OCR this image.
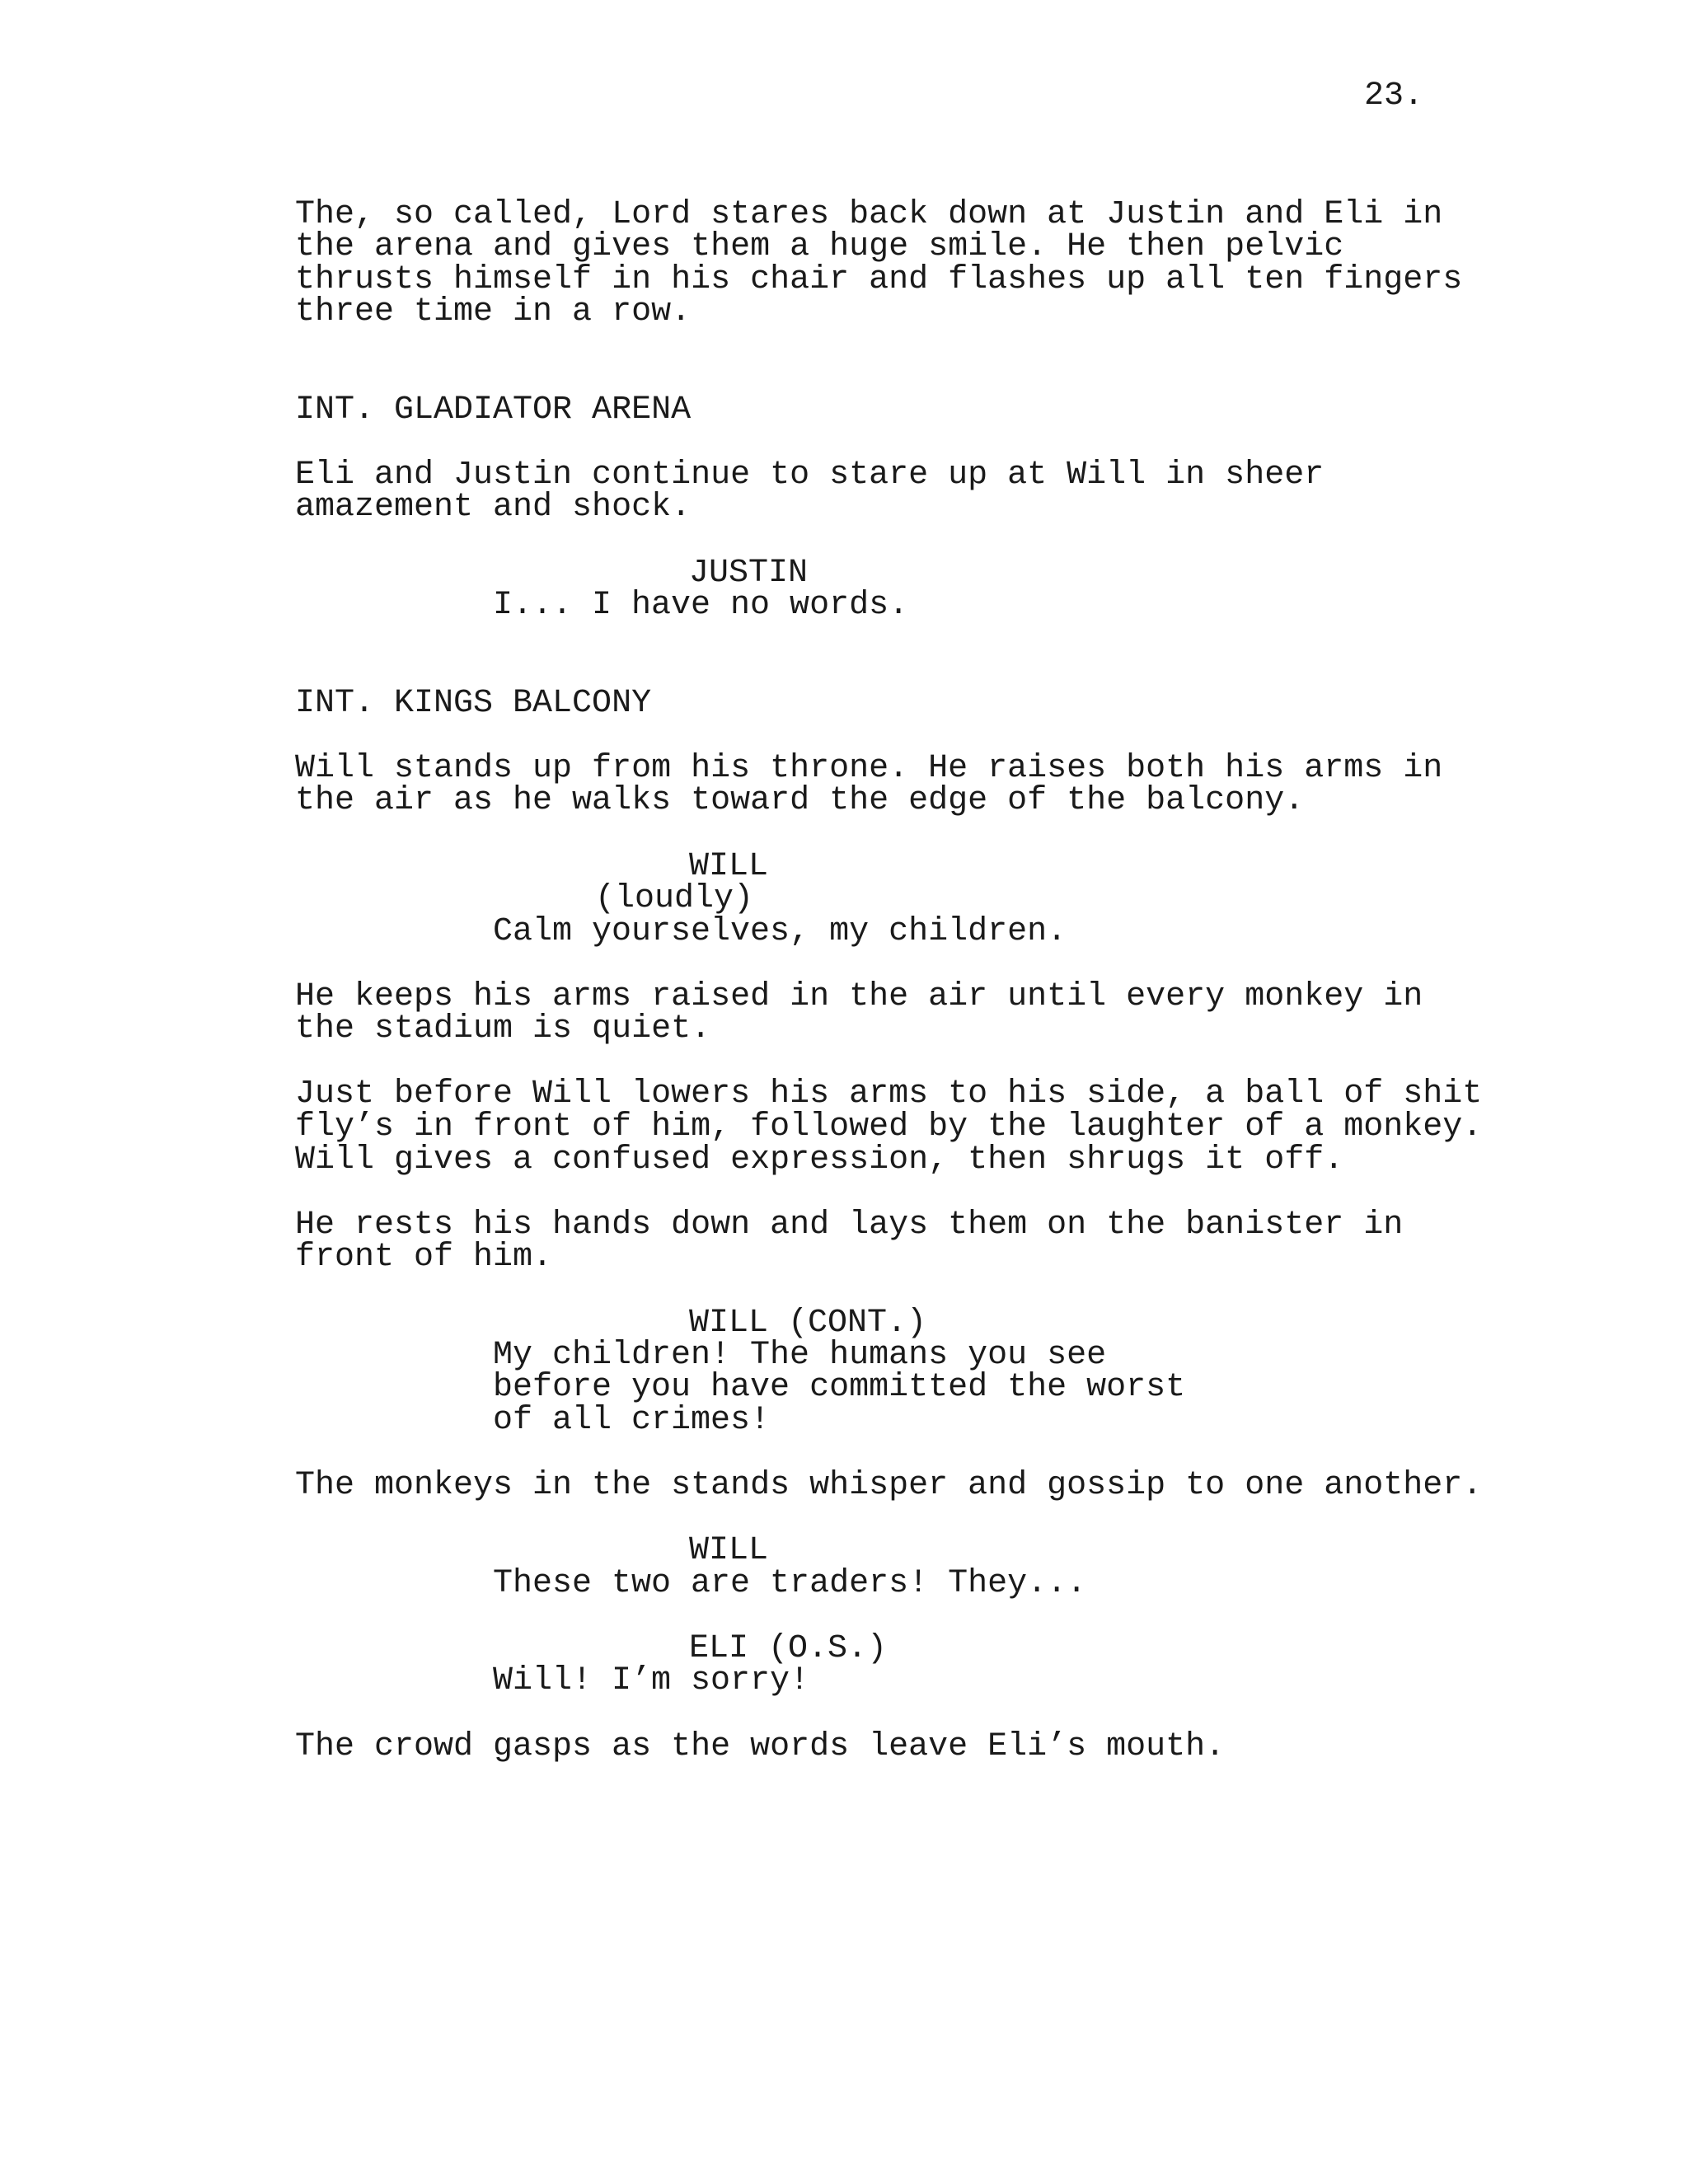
23.
The, so called, Lord stares back down at Justin and Eli in
the arena and gives them a huge smile. He then pelvic
thrusts himself in his chair and flashes up all ten fingers
three time in a row.
INT. GLADIATOR ARENA
Eli and Justin continue to stare up at Will in sheer
amazement and shock.
JUSTIN
I... I have no words.
INT. KINGS BALCONY
Will stands up from his throne. He raises both his arms in
the air as he walks toward the edge of the balcony.
WILL
(loudly)
Calm yourselves, my children.
He keeps his arms raised in the air until every monkey in
the stadium is quiet.
Just before Will lowers his arms to his side, a ball of shit
fly’s in front of him, followed by the laughter of a monkey.
Will gives a confused expression, then shrugs it off.
He rests his hands down and lays them on the banister in
front of him.
WILL (CONT.)
My children! The humans you see
before you have committed the worst
of all crimes!
The monkeys in the stands whisper and gossip to one another.
WILL
These two are traders! They...
ELI (O.S.)
Will! I’m sorry!
The crowd gasps as the words leave Eli’s mouth.
